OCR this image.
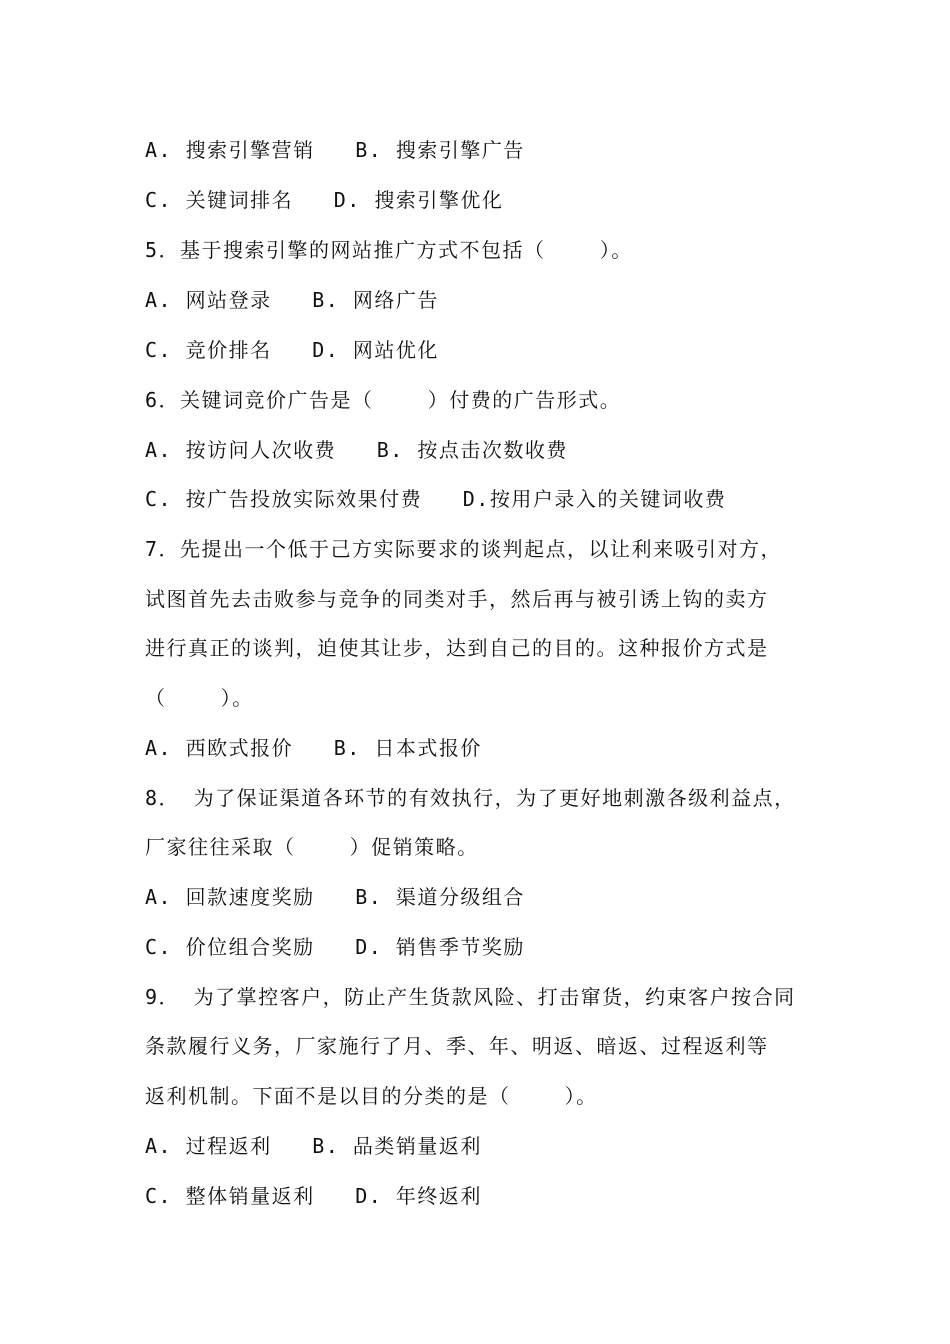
A. 搜索引擎营销   B. 搜索引擎广告
C. 关键词排名   D. 搜索引擎优化
5．基于搜索引擎的网站推广方式不包括（    ）。
A. 网站登录   B. 网络广告
C. 竞价排名   D. 网站优化
6．关键词竞价广告是（    ）付费的广告形式。
A. 按访问人次收费   B. 按点击次数收费
C. 按广告投放实际效果付费   D.按用户录入的关键词收费
7．先提出一个低于己方实际要求的谈判起点，以让利来吸引对方，
试图首先去击败参与竞争的同类对手，然后再与被引诱上钩的卖方
进行真正的谈判，迫使其让步，达到自己的目的。这种报价方式是
（    ）。
A. 西欧式报价   B. 日本式报价
8． 为了保证渠道各环节的有效执行，为了更好地刺激各级利益点，
厂家往往采取（    ）促销策略。
A. 回款速度奖励   B. 渠道分级组合
C. 价位组合奖励   D. 销售季节奖励
9． 为了掌控客户，防止产生货款风险、打击窜货，约束客户按合同
条款履行义务，厂家施行了月、季、年、明返、暗返、过程返利等
返利机制。下面不是以目的分类的是（    ）。
A. 过程返利   B. 品类销量返利
C. 整体销量返利   D. 年终返利
